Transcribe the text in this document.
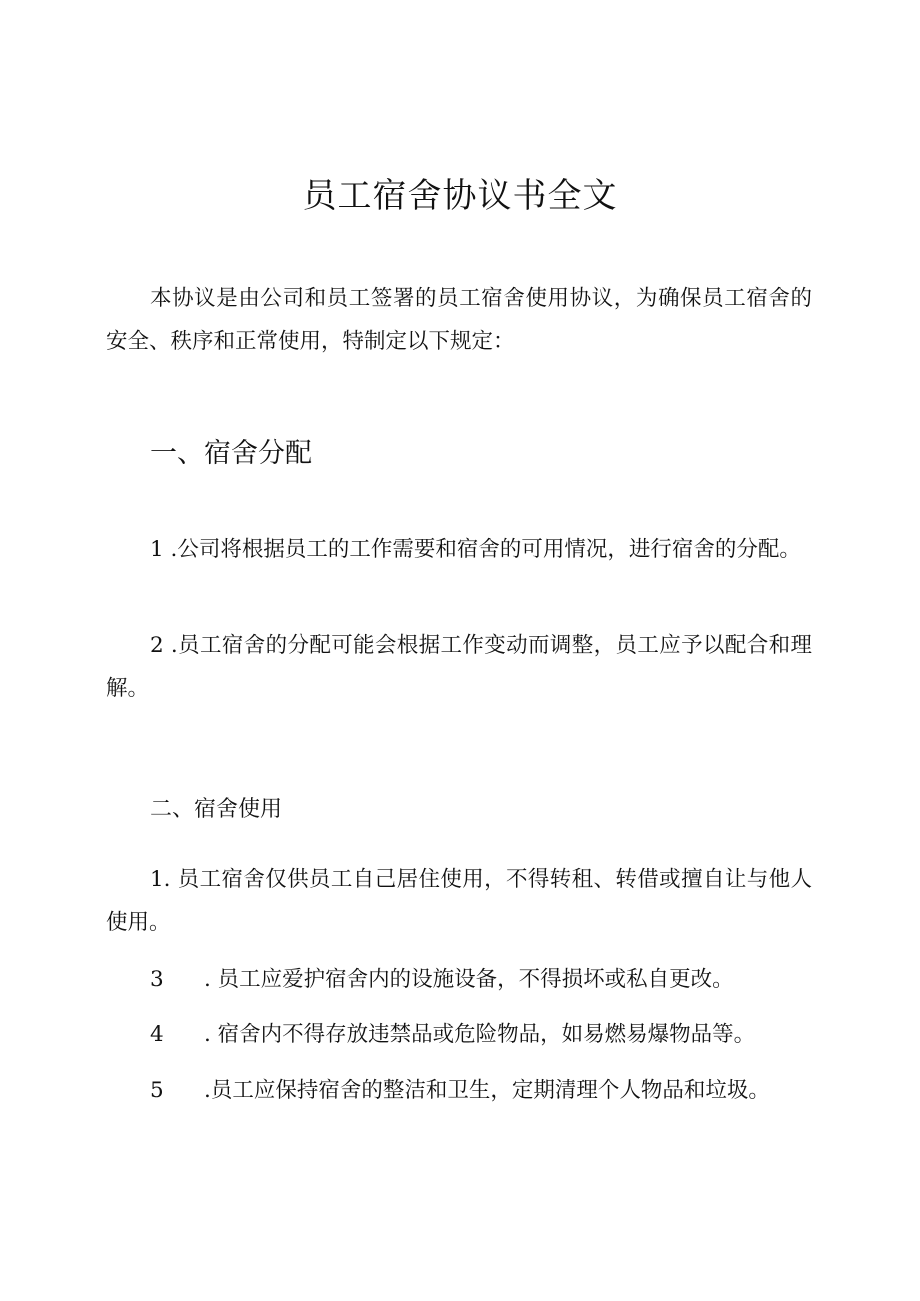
员工宿舍协议书全文
本协议是由公司和员工签署的员工宿舍使用协议，为确保员工宿舍的安全、秩序和正常使用，特制定以下规定：
一、宿舍分配
1 .公司将根据员工的工作需要和宿舍的可用情况，进行宿舍的分配。
2 .员工宿舍的分配可能会根据工作变动而调整，员工应予以配合和理解。
二、宿舍使用
1. 员工宿舍仅供员工自己居住使用，不得转租、转借或擅自让与他人使用。
3 . 员工应爱护宿舍内的设施设备，不得损坏或私自更改。
4 . 宿舍内不得存放违禁品或危险物品，如易燃易爆物品等。
5 .员工应保持宿舍的整洁和卫生，定期清理个人物品和垃圾。
